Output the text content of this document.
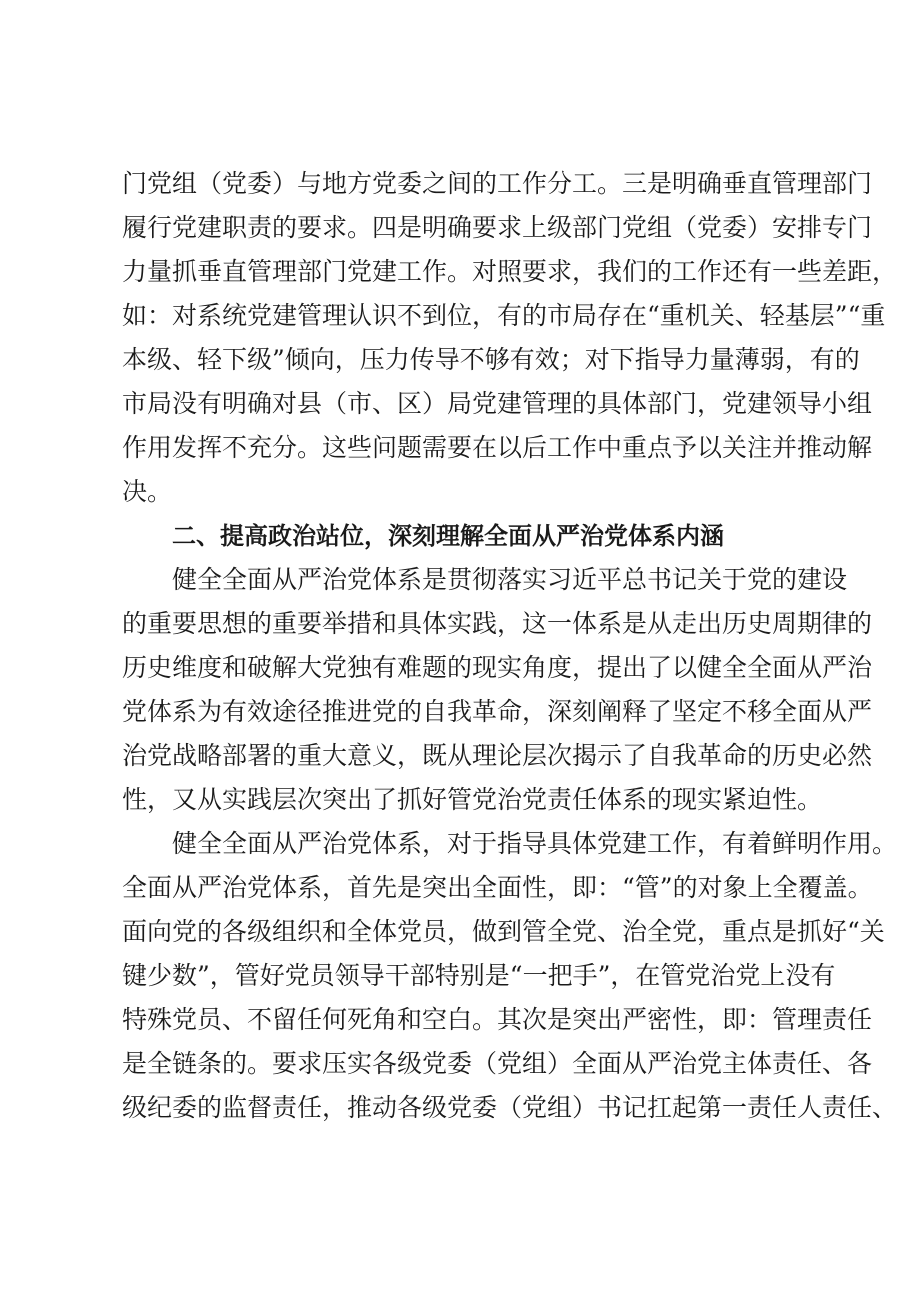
门党组（党委）与地方党委之间的工作分工。三是明确垂直管理部门
履行党建职责的要求。四是明确要求上级部门党组（党委）安排专门
力量抓垂直管理部门党建工作。对照要求，我们的工作还有一些差距，
如：对系统党建管理认识不到位，有的市局存在“重机关、轻基层”“重
本级、轻下级”倾向，压力传导不够有效；对下指导力量薄弱，有的
市局没有明确对县（市、区）局党建管理的具体部门，党建领导小组
作用发挥不充分。这些问题需要在以后工作中重点予以关注并推动解
决。
二、提高政治站位，深刻理解全面从严治党体系内涵
健全全面从严治党体系是贯彻落实习近平总书记关于党的建设
的重要思想的重要举措和具体实践，这一体系是从走出历史周期律的
历史维度和破解大党独有难题的现实角度，提出了以健全全面从严治
党体系为有效途径推进党的自我革命，深刻阐释了坚定不移全面从严
治党战略部署的重大意义，既从理论层次揭示了自我革命的历史必然
性，又从实践层次突出了抓好管党治党责任体系的现实紧迫性。
健全全面从严治党体系，对于指导具体党建工作，有着鲜明作用。
全面从严治党体系，首先是突出全面性，即：“管”的对象上全覆盖。
面向党的各级组织和全体党员，做到管全党、治全党，重点是抓好“关
键少数”，管好党员领导干部特别是“一把手”，在管党治党上没有
特殊党员、不留任何死角和空白。其次是突出严密性，即：管理责任
是全链条的。要求压实各级党委（党组）全面从严治党主体责任、各
级纪委的监督责任，推动各级党委（党组）书记扛起第一责任人责任、
